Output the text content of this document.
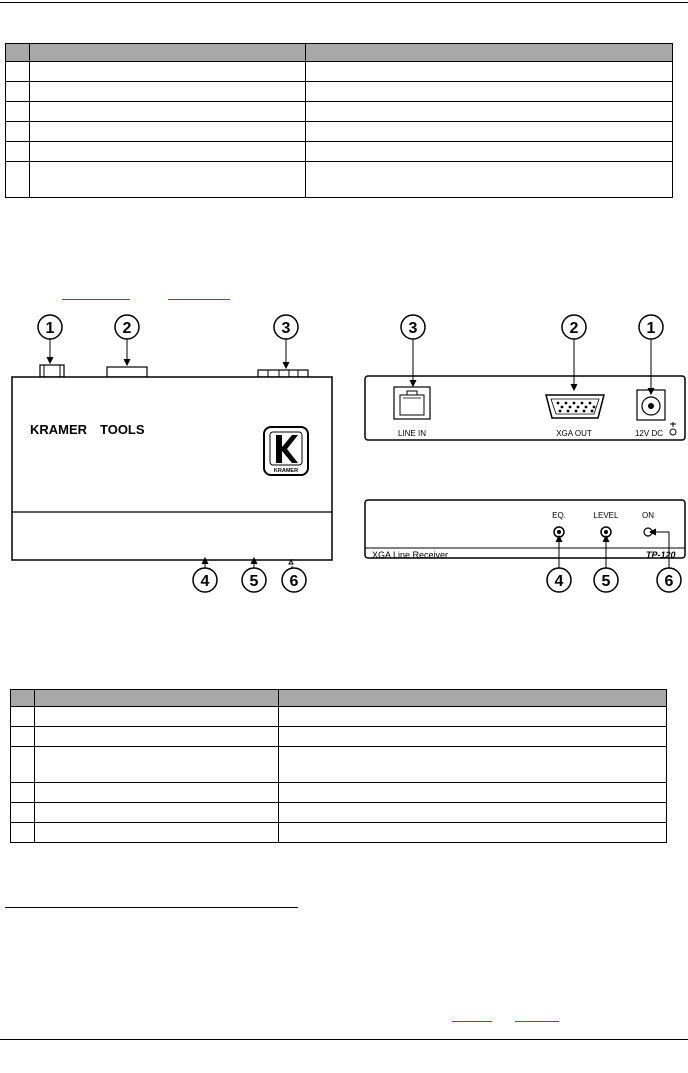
KRAMER TOOLS
KRAMER
LINE IN	XGA OUT	12V DC
EQ.	LEVEL	ON
XGA Line Receiver	TP-120
1	2	3	3	2	1
4	5 6	4 5	6
